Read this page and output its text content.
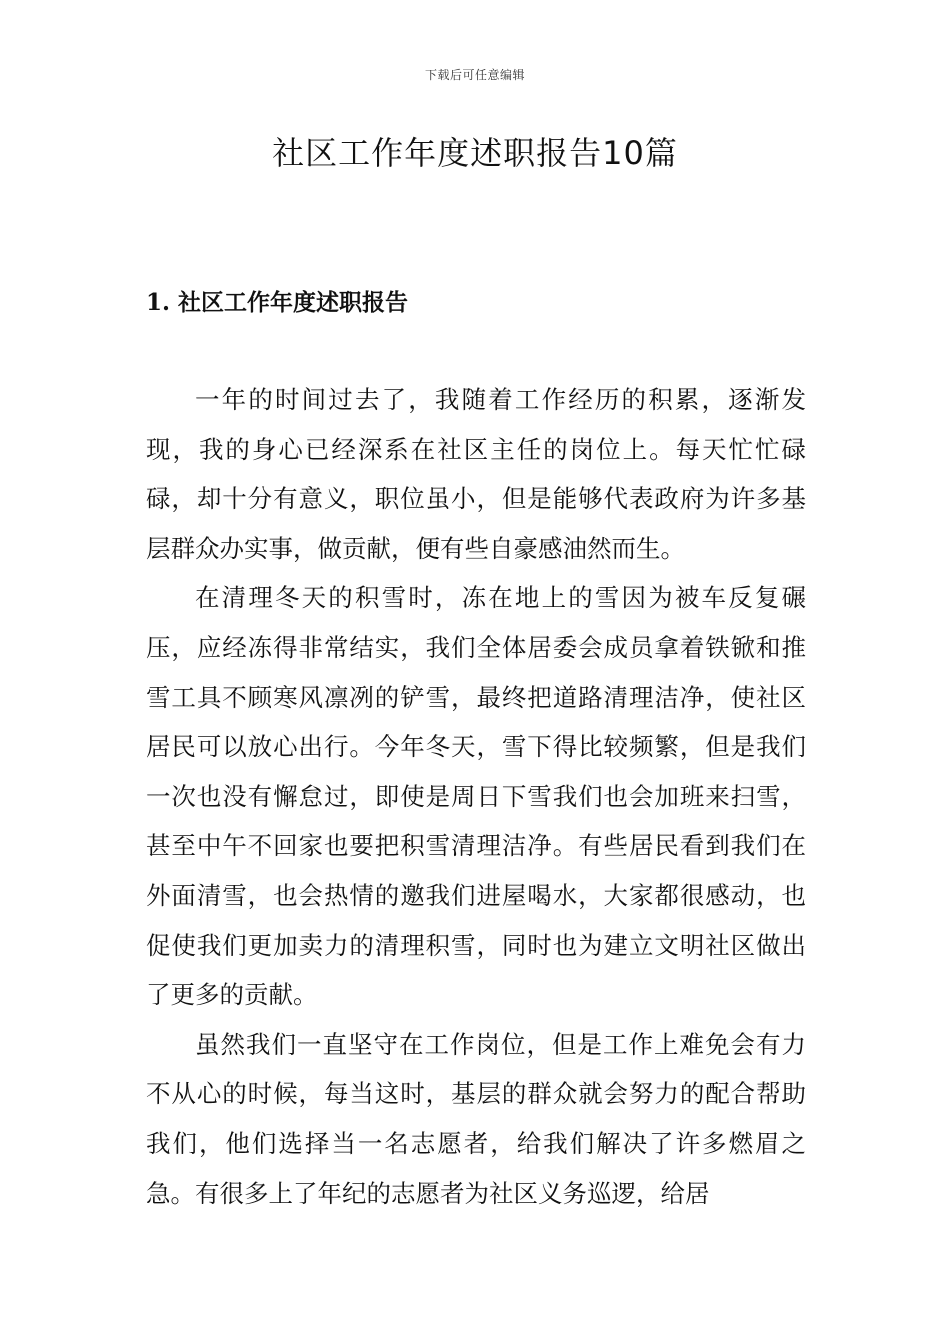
下载后可任意编辑
社区工作年度述职报告10篇
1. 社区工作年度述职报告

一年的时间过去了，我随着工作经历的积累，逐渐发现，我的身心已经深系在社区主任的岗位上。每天忙忙碌碌，却十分有意义，职位虽小，但是能够代表政府为许多基层群众办实事，做贡献，便有些自豪感油然而生。

在清理冬天的积雪时，冻在地上的雪因为被车反复碾压，应经冻得非常结实，我们全体居委会成员拿着铁锨和推雪工具不顾寒风凛冽的铲雪，最终把道路清理洁净，使社区居民可以放心出行。今年冬天，雪下得比较频繁，但是我们一次也没有懈怠过，即使是周日下雪我们也会加班来扫雪，甚至中午不回家也要把积雪清理洁净。有些居民看到我们在外面清雪，也会热情的邀我们进屋喝水，大家都很感动，也促使我们更加卖力的清理积雪，同时也为建立文明社区做出了更多的贡献。

虽然我们一直坚守在工作岗位，但是工作上难免会有力不从心的时候，每当这时，基层的群众就会努力的配合帮助我们，他们选择当一名志愿者，给我们解决了许多燃眉之急。有很多上了年纪的志愿者为社区义务巡逻，给居
